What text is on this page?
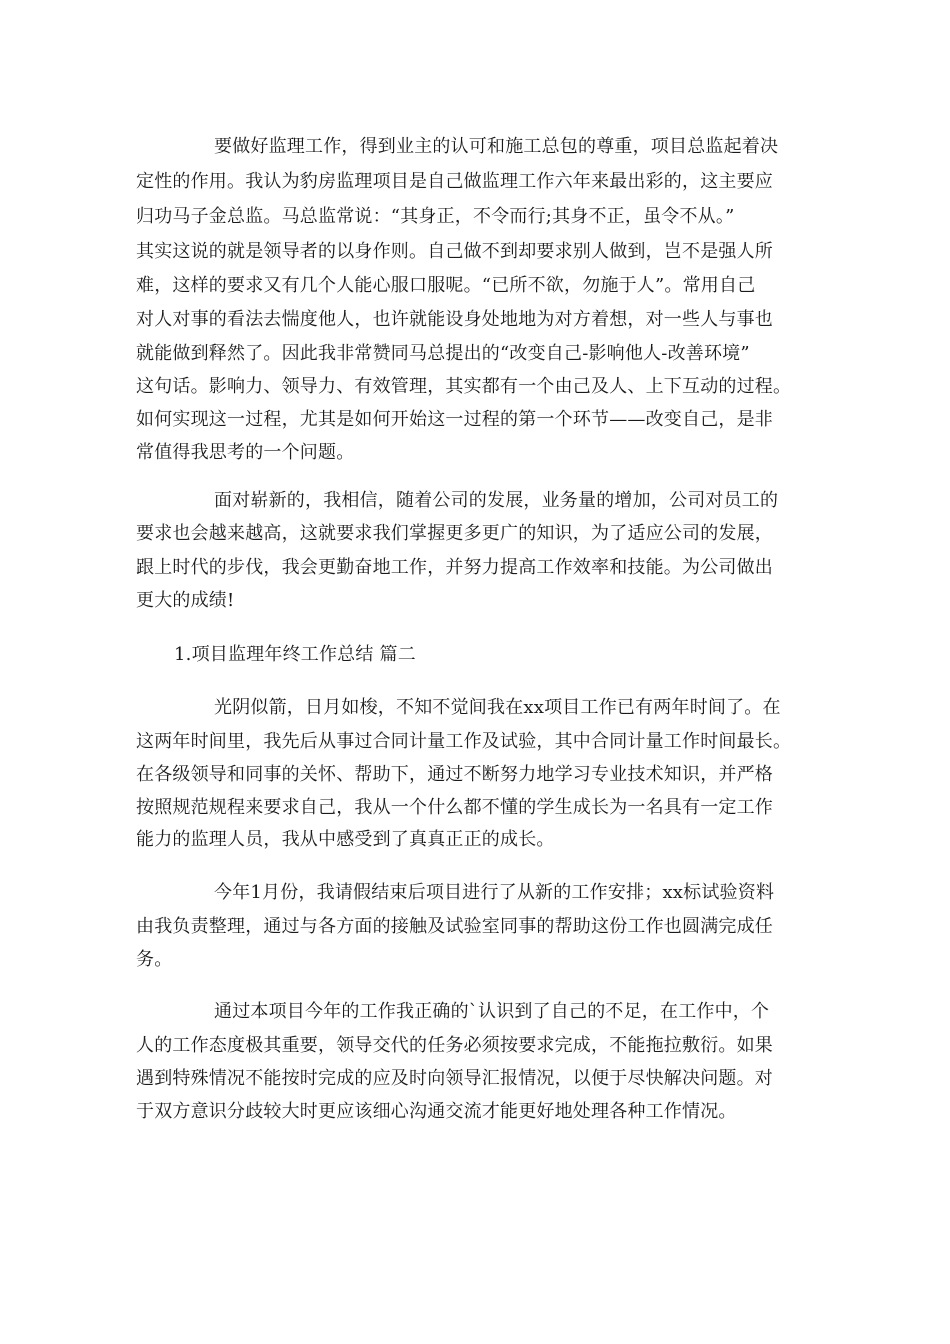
要做好监理工作，得到业主的认可和施工总包的尊重，项目总监起着决

定性的作用。我认为豹房监理项目是自己做监理工作六年来最出彩的，这主要应

归功马子金总监。马总监常说：“其身正，不令而行;其身不正，虽令不从。”

其实这说的就是领导者的以身作则。自己做不到却要求别人做到，岂不是强人所

难，这样的要求又有几个人能心服口服呢。“已所不欲，勿施于人”。常用自己

对人对事的看法去惴度他人，也许就能设身处地地为对方着想，对一些人与事也

就能做到释然了。因此我非常赞同马总提出的“改变自己-影响他人-改善环境”

这句话。影响力、领导力、有效管理，其实都有一个由己及人、上下互动的过程。

如何实现这一过程，尤其是如何开始这一过程的第一个环节——改变自己，是非

常值得我思考的一个问题。

面对崭新的，我相信，随着公司的发展，业务量的增加，公司对员工的

要求也会越来越高，这就要求我们掌握更多更广的知识，为了适应公司的发展，

跟上时代的步伐，我会更勤奋地工作，并努力提高工作效率和技能。为公司做出

更大的成绩!

1.项目监理年终工作总结 篇二

光阴似箭，日月如梭，不知不觉间我在xx项目工作已有两年时间了。在

这两年时间里，我先后从事过合同计量工作及试验，其中合同计量工作时间最长。

在各级领导和同事的关怀、帮助下，通过不断努力地学习专业技术知识，并严格

按照规范规程来要求自己，我从一个什么都不懂的学生成长为一名具有一定工作

能力的监理人员，我从中感受到了真真正正的成长。

今年1月份，我请假结束后项目进行了从新的工作安排；xx标试验资料

由我负责整理，通过与各方面的接触及试验室同事的帮助这份工作也圆满完成任

务。

通过本项目今年的工作我正确的`认识到了自己的不足，在工作中，个

人的工作态度极其重要，领导交代的任务必须按要求完成，不能拖拉敷衍。如果

遇到特殊情况不能按时完成的应及时向领导汇报情况，以便于尽快解决问题。对

于双方意识分歧较大时更应该细心沟通交流才能更好地处理各种工作情况。
